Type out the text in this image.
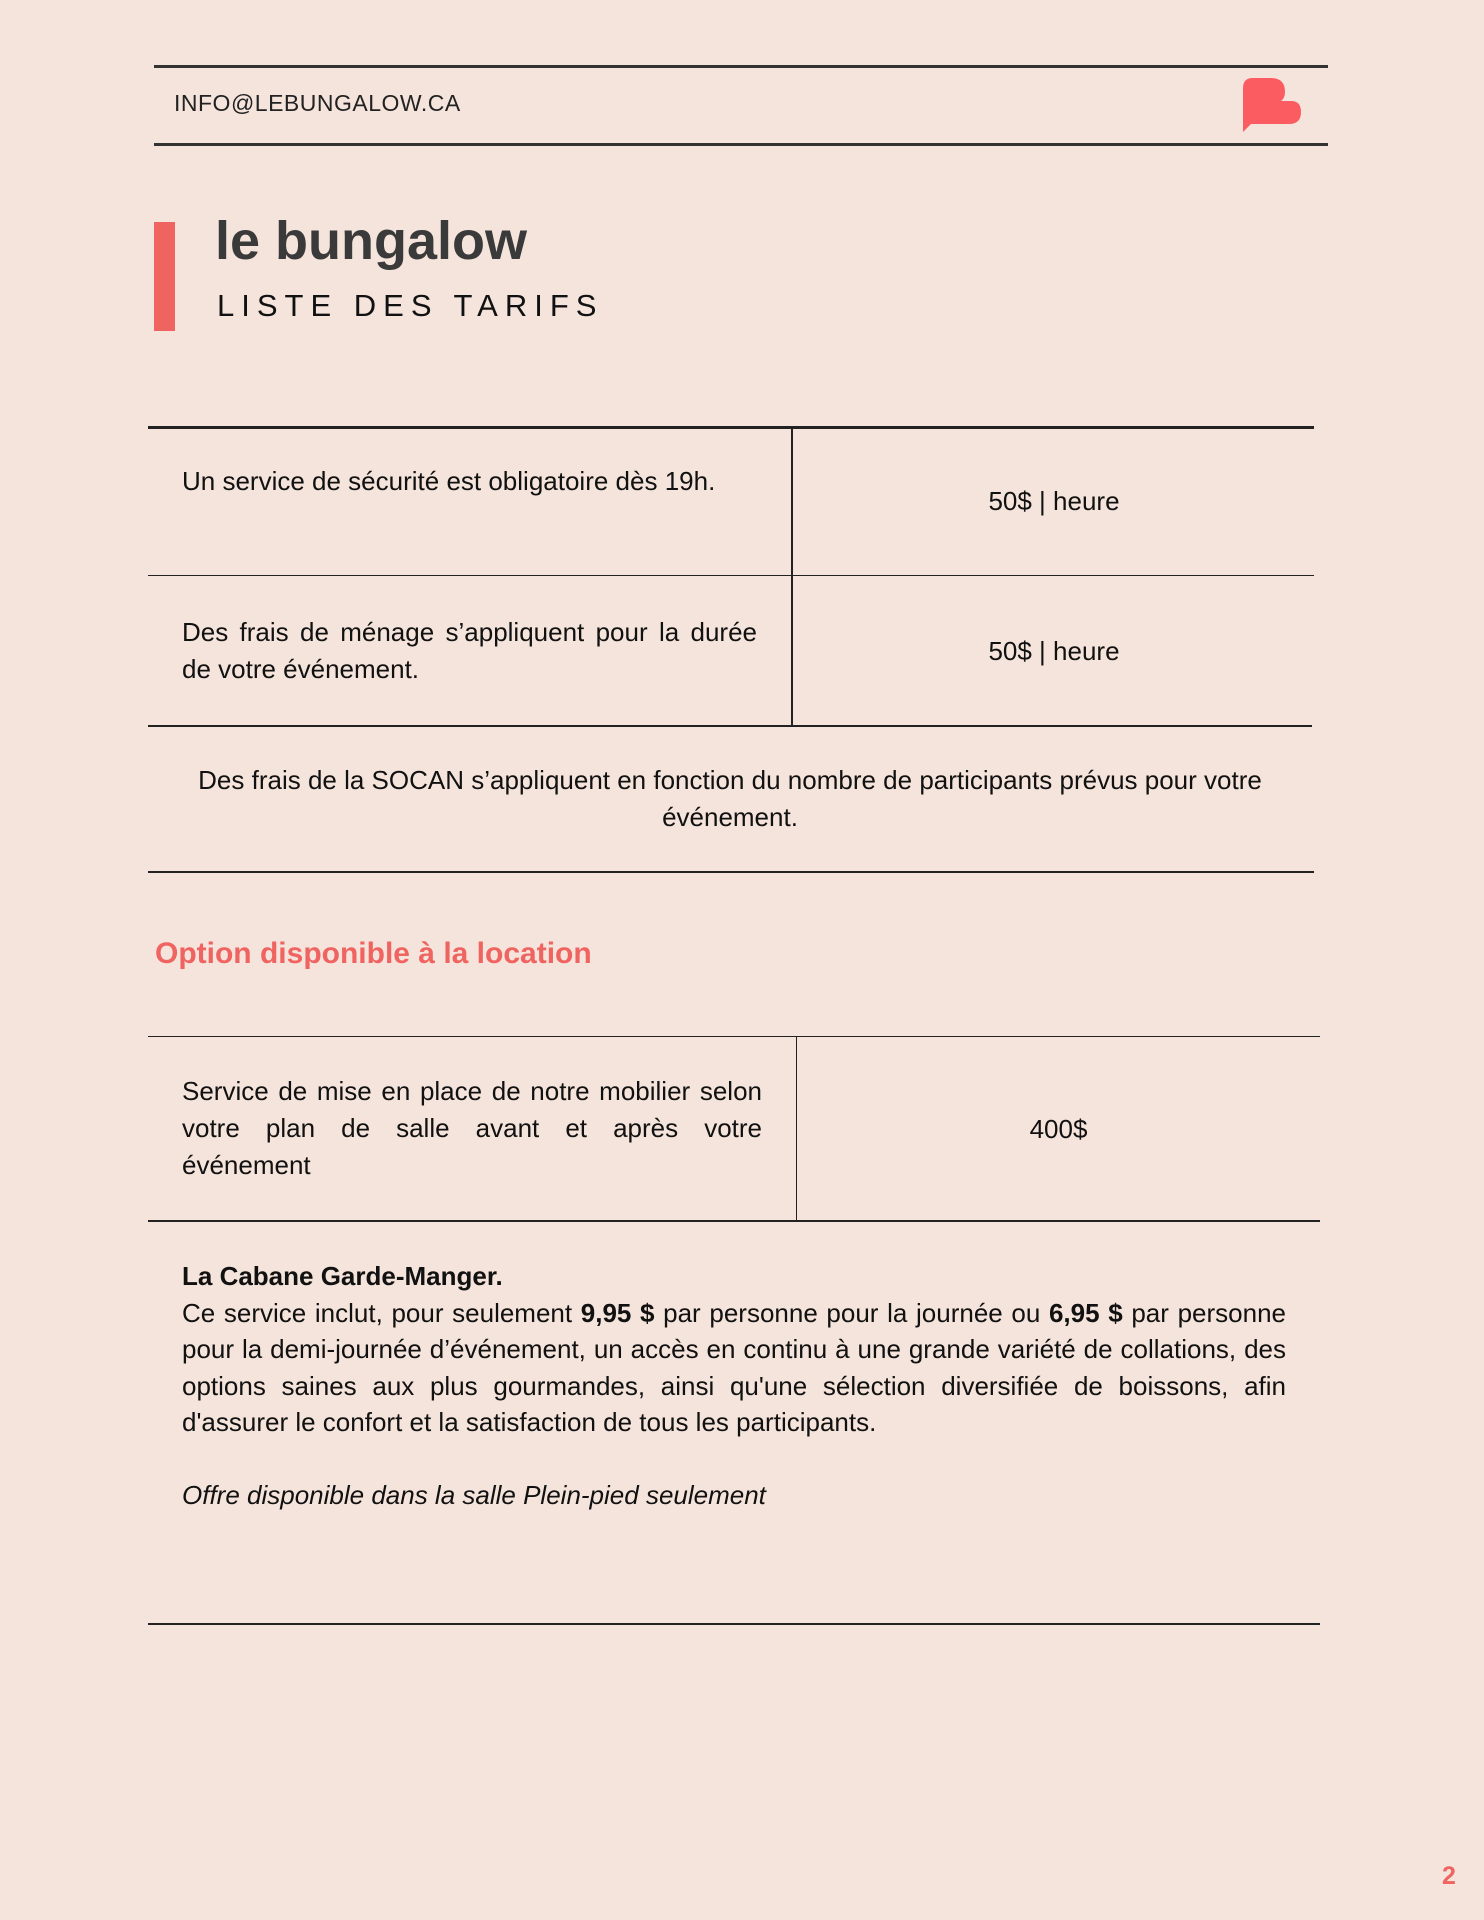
INFO@LEBUNGALOW.CA
le bungalow
LISTE DES TARIFS
Un service de sécurité est obligatoire dès 19h.
50$ | heure
Des frais de ménage s’appliquent pour la durée de votre événement.
50$ | heure
Des frais de la SOCAN s’appliquent en fonction du nombre de participants prévus pour votre événement.
Option disponible à la location
Service de mise en place de notre mobilier selon votre plan de salle avant et après votre événement
400$
La Cabane Garde-Manger.
Ce service inclut, pour seulement 9,95 $ par personne pour la journée ou 6,95 $ par personne pour la demi-journée d’événement, un accès en continu à une grande variété de collations, des options saines aux plus gourmandes, ainsi qu'une sélection diversifiée de boissons, afin d'assurer le confort et la satisfaction de tous les participants.
Offre disponible dans la salle Plein-pied seulement
2
